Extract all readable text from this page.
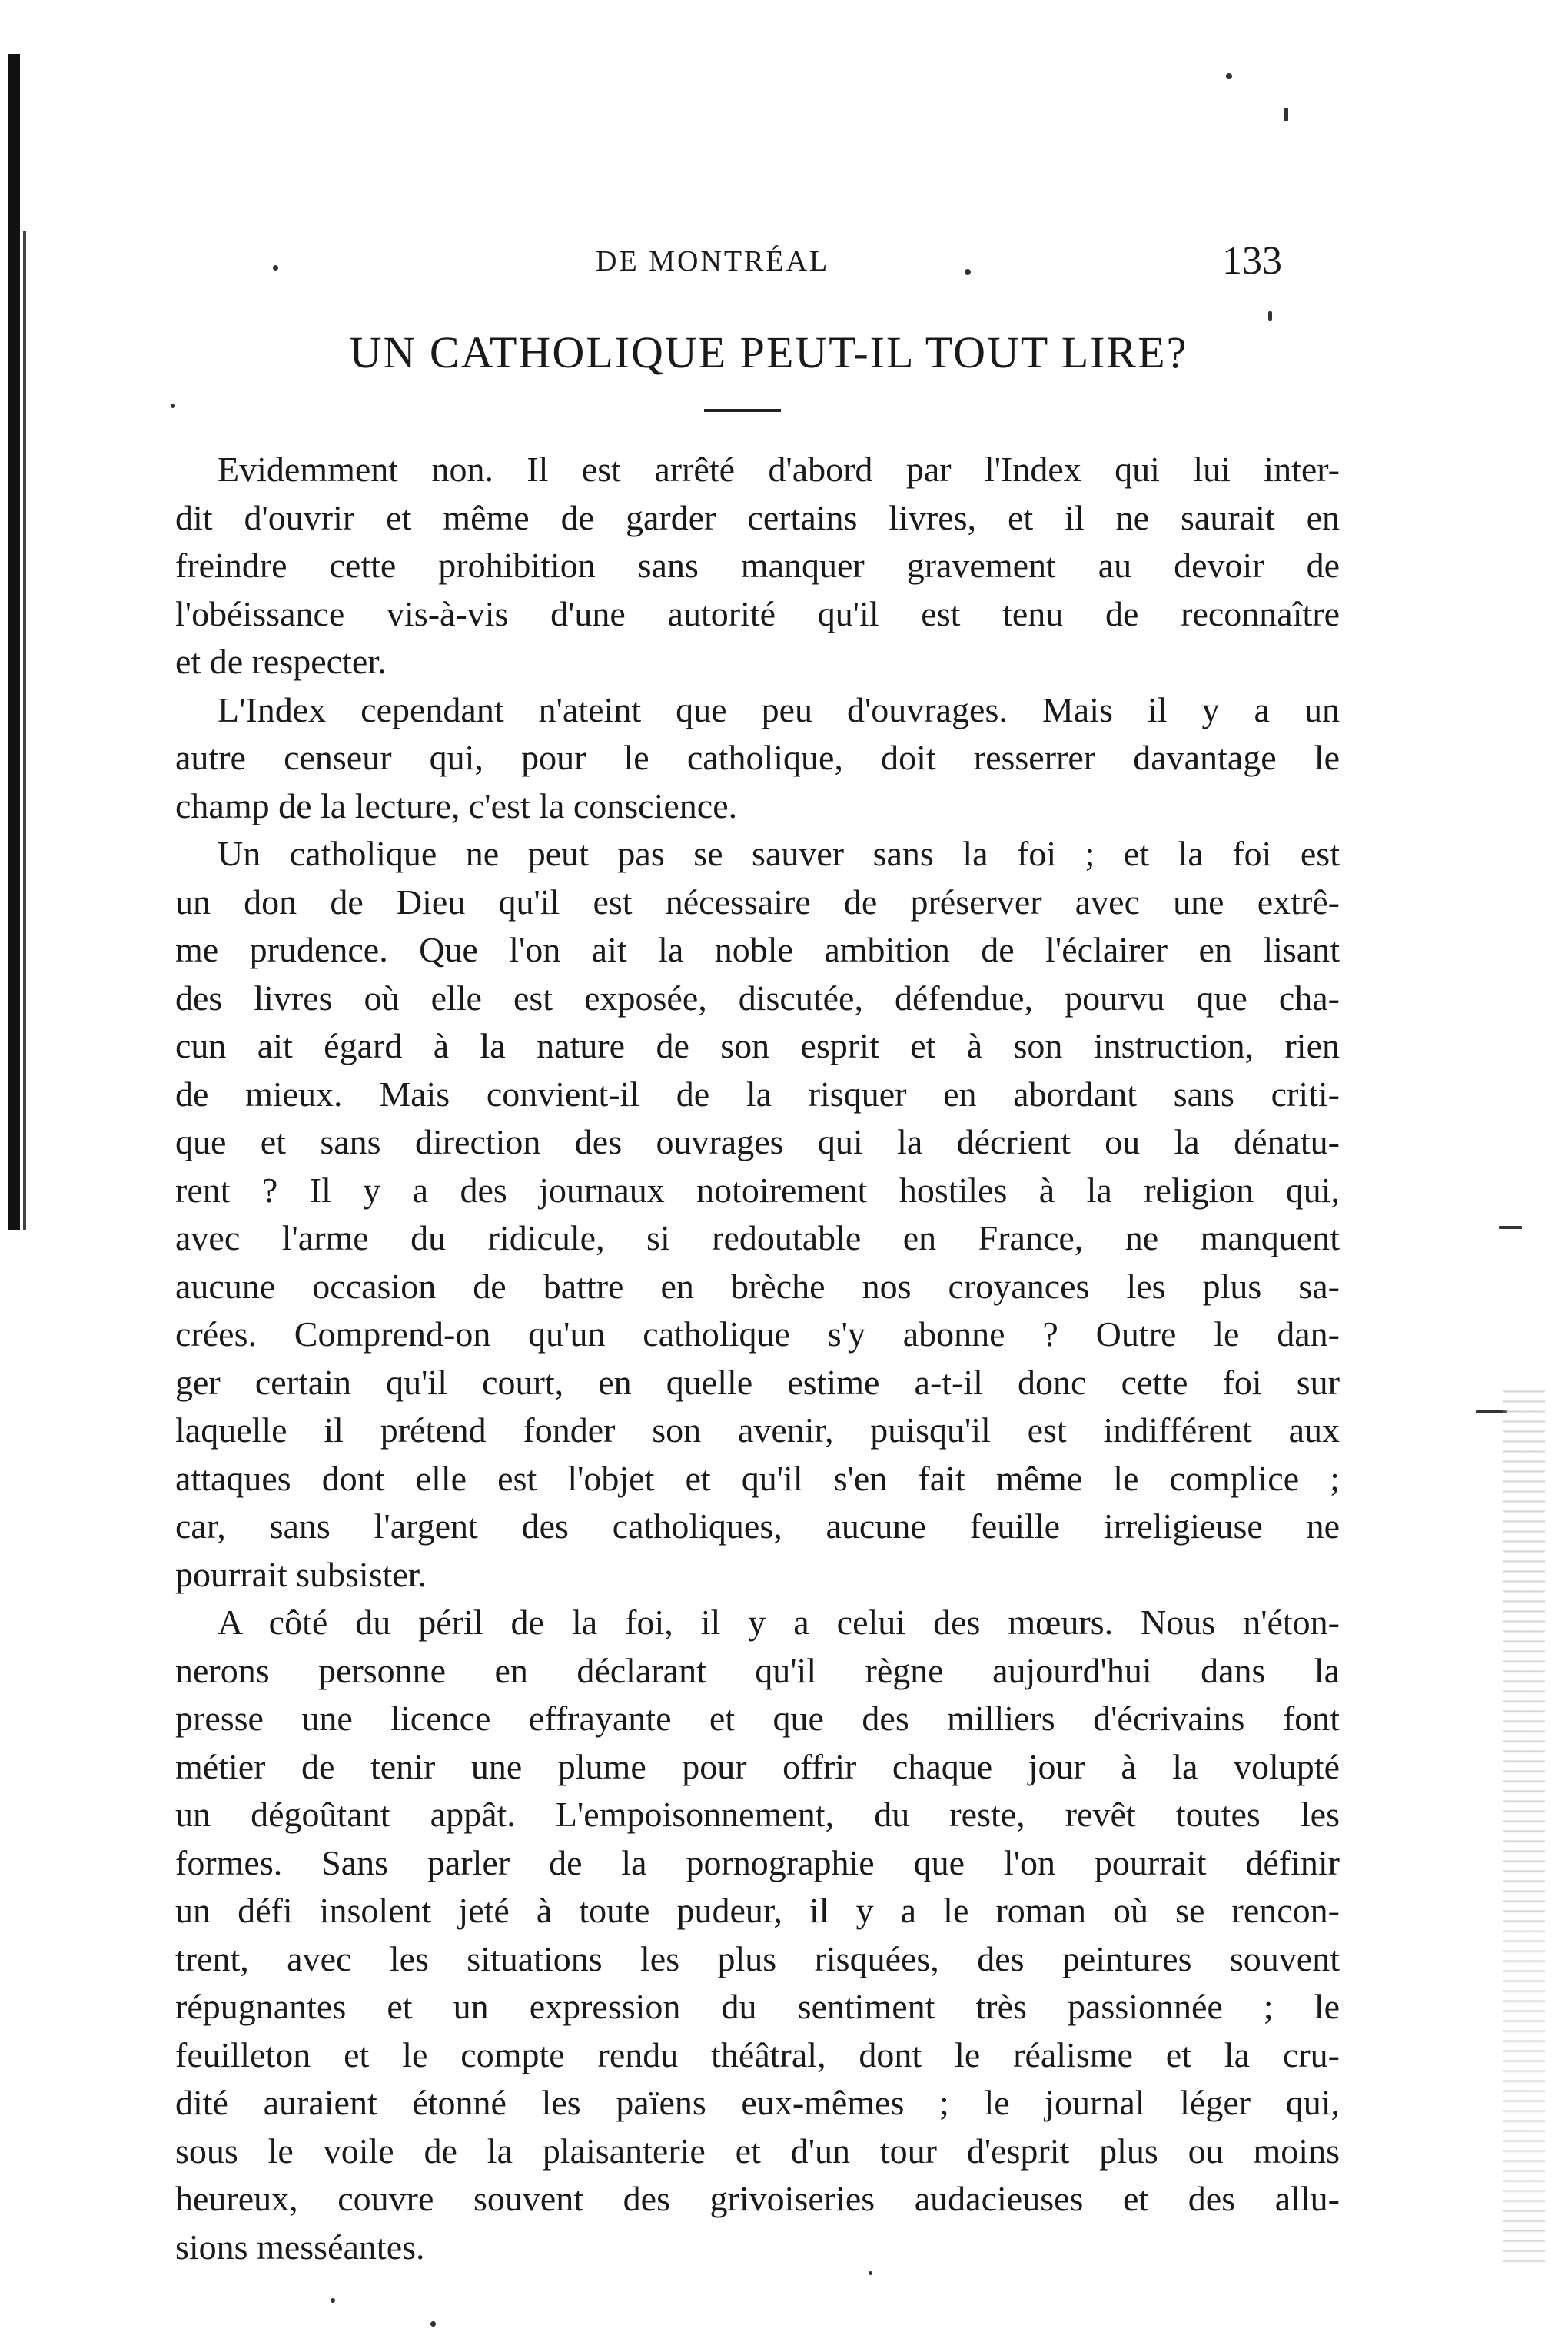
DE MONTRÉAL	133
UN CATHOLIQUE PEUT-IL TOUT LIRE?
Evidemment non. Il est arrêté d'abord par l'Index qui lui inter-
dit d'ouvrir et même de garder certains livres, et il ne saurait en
freindre cette prohibition sans manquer gravement au devoir de
l'obéissance vis-à-vis d'une autorité qu'il est tenu de reconnaître
et de respecter.
L'Index cependant n'ateint que peu d'ouvrages. Mais il y a un
autre censeur qui, pour le catholique, doit resserrer davantage le
champ de la lecture, c'est la conscience.
Un catholique ne peut pas se sauver sans la foi ; et la foi est
un don de Dieu qu'il est nécessaire de préserver avec une extrê-
me prudence. Que l'on ait la noble ambition de l'éclairer en lisant
des livres où elle est exposée, discutée, défendue, pourvu que cha-
cun ait égard à la nature de son esprit et à son instruction, rien
de mieux. Mais convient-il de la risquer en abordant sans criti-
que et sans direction des ouvrages qui la décrient ou la dénatu-
rent ? Il y a des journaux notoirement hostiles à la religion qui,
avec l'arme du ridicule, si redoutable en France, ne manquent
aucune occasion de battre en brèche nos croyances les plus sa-
crées. Comprend-on qu'un catholique s'y abonne ? Outre le dan-
ger certain qu'il court, en quelle estime a-t-il donc cette foi sur
laquelle il prétend fonder son avenir, puisqu'il est indifférent aux
attaques dont elle est l'objet et qu'il s'en fait même le complice ;
car, sans l'argent des catholiques, aucune feuille irreligieuse ne
pourrait subsister.
A côté du péril de la foi, il y a celui des mœurs. Nous n'éton-
nerons personne en déclarant qu'il règne aujourd'hui dans la
presse une licence effrayante et que des milliers d'écrivains font
métier de tenir une plume pour offrir chaque jour à la volupté
un dégoûtant appât. L'empoisonnement, du reste, revêt toutes les
formes. Sans parler de la pornographie que l'on pourrait définir
un défi insolent jeté à toute pudeur, il y a le roman où se rencon-
trent, avec les situations les plus risquées, des peintures souvent
répugnantes et un expression du sentiment très passionnée ; le
feuilleton et le compte rendu théâtral, dont le réalisme et la cru-
dité auraient étonné les païens eux-mêmes ; le journal léger qui,
sous le voile de la plaisanterie et d'un tour d'esprit plus ou moins
heureux, couvre souvent des grivoiseries audacieuses et des allu-
sions messéantes.
